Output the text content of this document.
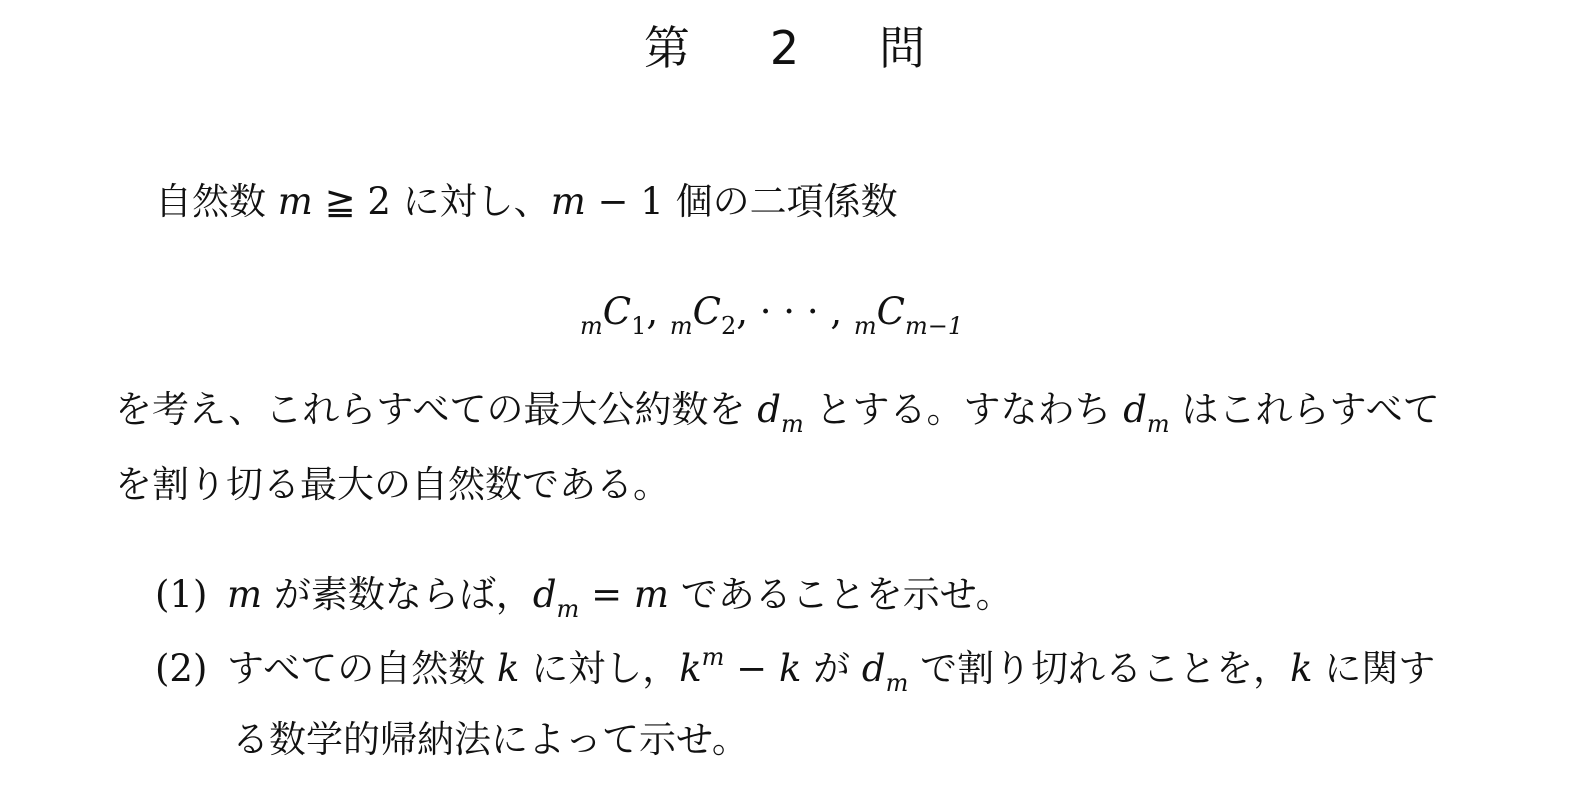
第 2 問
自然数 m ≧ 2 に対し、m − 1 個の二項係数
$_mC_1$, $_mC_2$, · · · , $_mC_{m-1}$
を考え、これらすべての最大公約数を $d_m$ とする。すなわち $d_m$ はこれらすべて
を割り切る最大の自然数である。
(1) m が素数ならば，$d_m = m$ であることを示せ。
(2) すべての自然数 k に対し，$k^m - k$ が $d_m$ で割り切れることを，k に関す
る数学的帰納法によって示せ。
